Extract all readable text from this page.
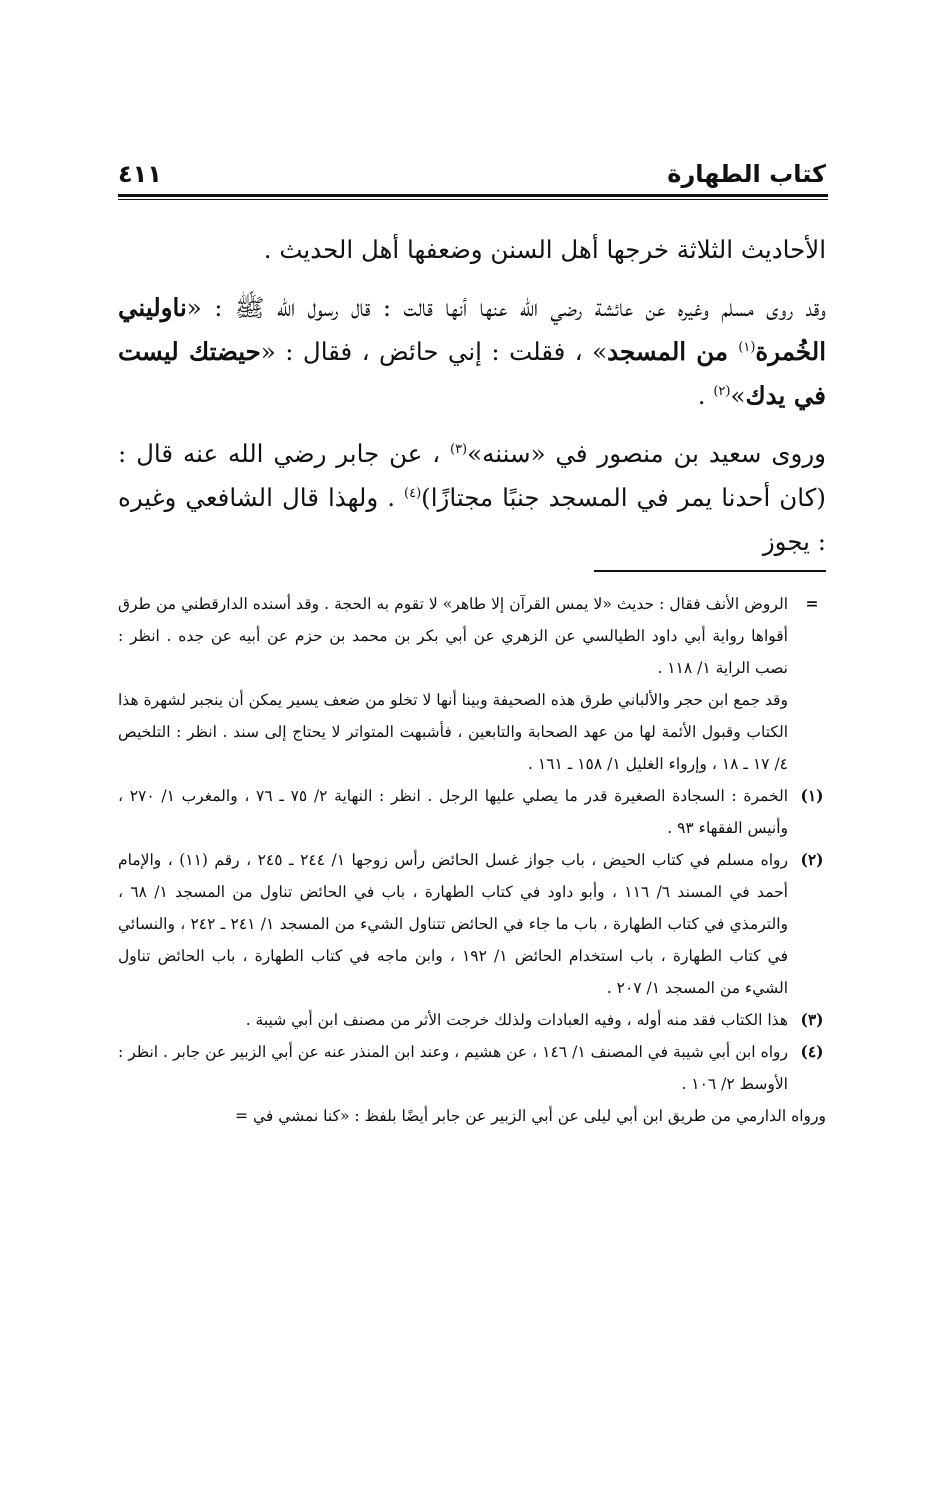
كتاب الطهارة
٤١١

الأحاديث الثلاثة خرجها أهل السنن وضعفها أهل الحديث .

وقد روى مسلم وغيره عن عائشة رضي الله عنها أنها قالت : قال رسول الله ﷺ : «ناوليني الخُمرة$^{(١)}$ من المسجد» ، فقلت : إني حائض ، فقال : «حيضتك ليست في يدك»$^{(٢)}$ .

وروى سعيد بن منصور في «سننه»$^{(٣)}$ ، عن جابر رضي الله عنه قال : (كان أحدنا يمر في المسجد جنبًا مجتازًا)$^{(٤)}$ . ولهذا قال الشافعي وغيره : يجوز

=
الروض الأنف فقال : حديث «لا يمس القرآن إلا طاهر» لا تقوم به الحجة . وقد أسنده الدارقطني من طرق أقواها رواية أبي داود الطيالسي عن الزهري عن أبي بكر بن محمد بن حزم عن أبيه عن جده . انظر : نصب الراية ١/ ١١٨ .
وقد جمع ابن حجر والألباني طرق هذه الصحيفة وبينا أنها لا تخلو من ضعف يسير يمكن أن ينجبر لشهرة هذا الكتاب وقبول الأئمة لها من عهد الصحابة والتابعين ، فأشبهت المتواتر لا يحتاج إلى سند . انظر : التلخيص ٤/ ١٧ ـ ١٨ ، وإرواء الغليل ١/ ١٥٨ ـ ١٦١ .
(١)
الخمرة : السجادة الصغيرة قدر ما يصلي عليها الرجل . انظر : النهاية ٢/ ٧٥ ـ ٧٦ ، والمغرب ١/ ٢٧٠ ، وأنيس الفقهاء ٩٣ .
(٢)
رواه مسلم في كتاب الحيض ، باب جواز غسل الحائض رأس زوجها ١/ ٢٤٤ ـ ٢٤٥ ، رقم (١١) ، والإمام أحمد في المسند ٦/ ١١٦ ، وأبو داود في كتاب الطهارة ، باب في الحائض تناول من المسجد ١/ ٦٨ ، والترمذي في كتاب الطهارة ، باب ما جاء في الحائض تتناول الشيء من المسجد ١/ ٢٤١ ـ ٢٤٢ ، والنسائي في كتاب الطهارة ، باب استخدام الحائض ١/ ١٩٢ ، وابن ماجه في كتاب الطهارة ، باب الحائض تناول الشيء من المسجد ١/ ٢٠٧ .
(٣)
هذا الكتاب فقد منه أوله ، وفيه العبادات ولذلك خرجت الأثر من مصنف ابن أبي شيبة .
(٤)
رواه ابن أبي شيبة في المصنف ١/ ١٤٦ ، عن هشيم ، وعند ابن المنذر عنه عن أبي الزبير عن جابر . انظر : الأوسط ٢/ ١٠٦ .
ورواه الدارمي من طريق ابن أبي ليلى عن أبي الزبير عن جابر أيضًا بلفظ : «كنا نمشي في =
